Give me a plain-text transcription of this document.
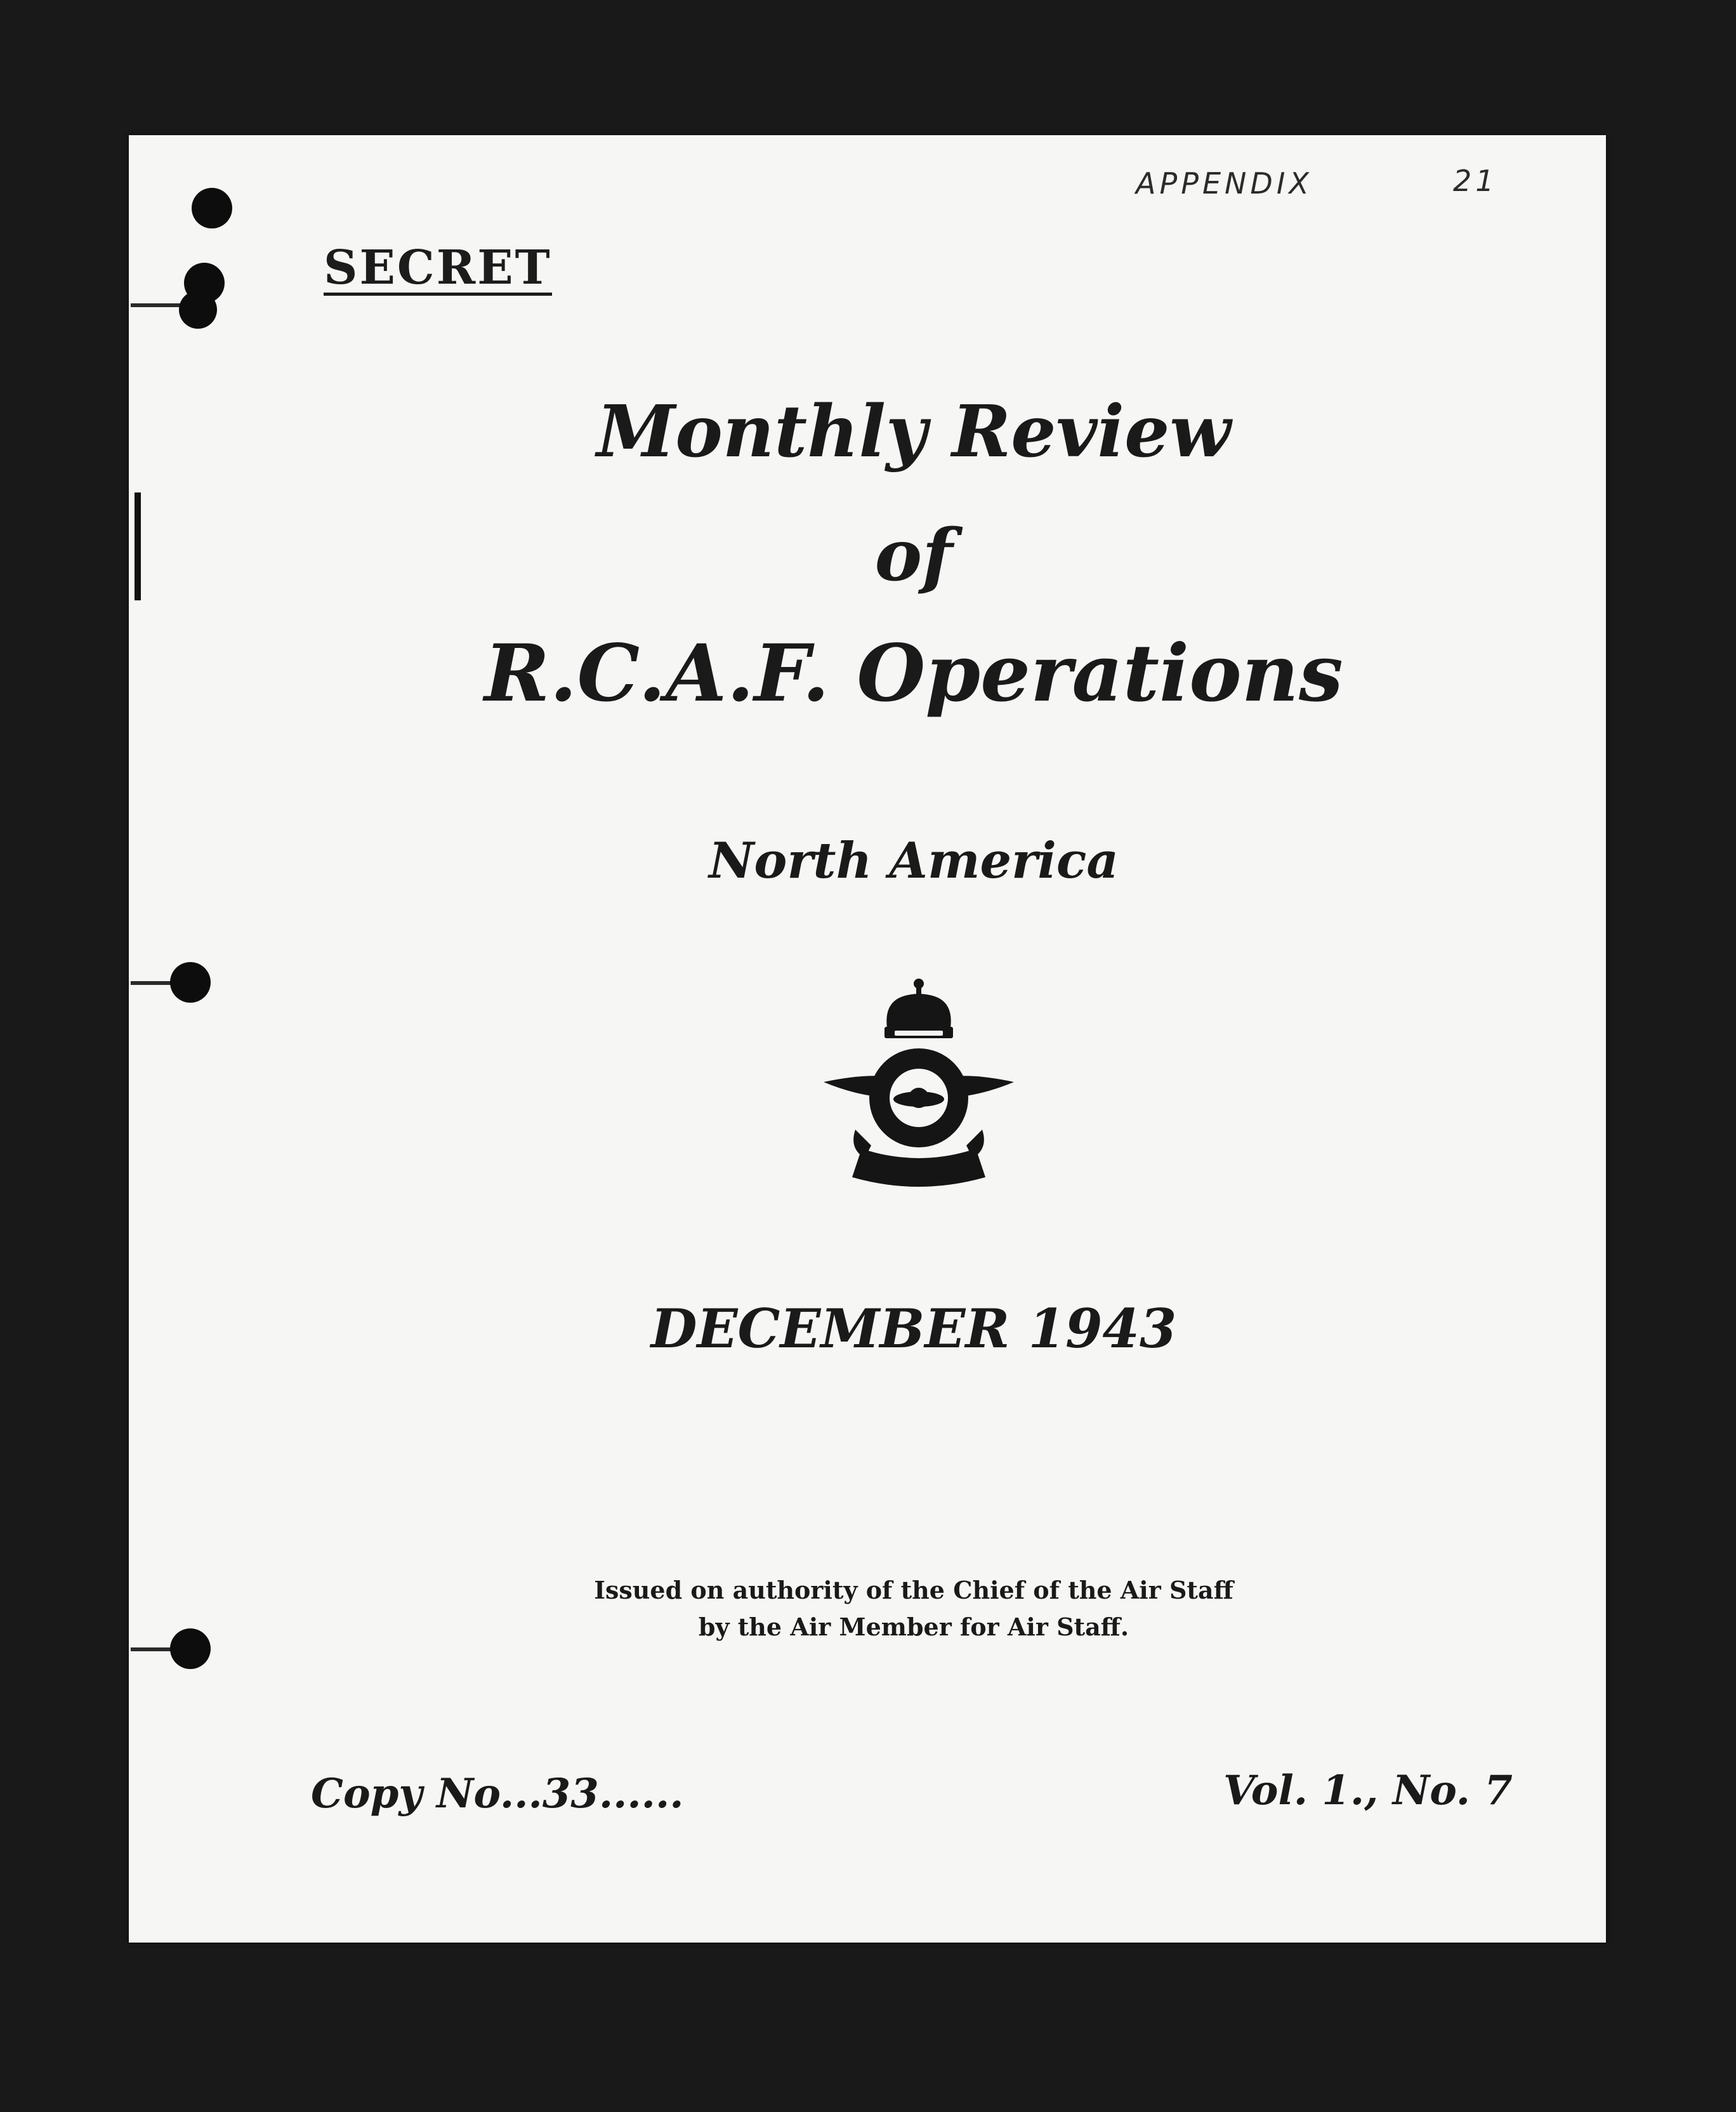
APPENDIX	21
SECRET
Monthly Review
of
R.C.A.F. Operations
North America
DECEMBER 1943
Issued on authority of the Chief of the Air Staff
by the Air Member for Air Staff.
Copy No...33......	Vol. 1., No. 7
